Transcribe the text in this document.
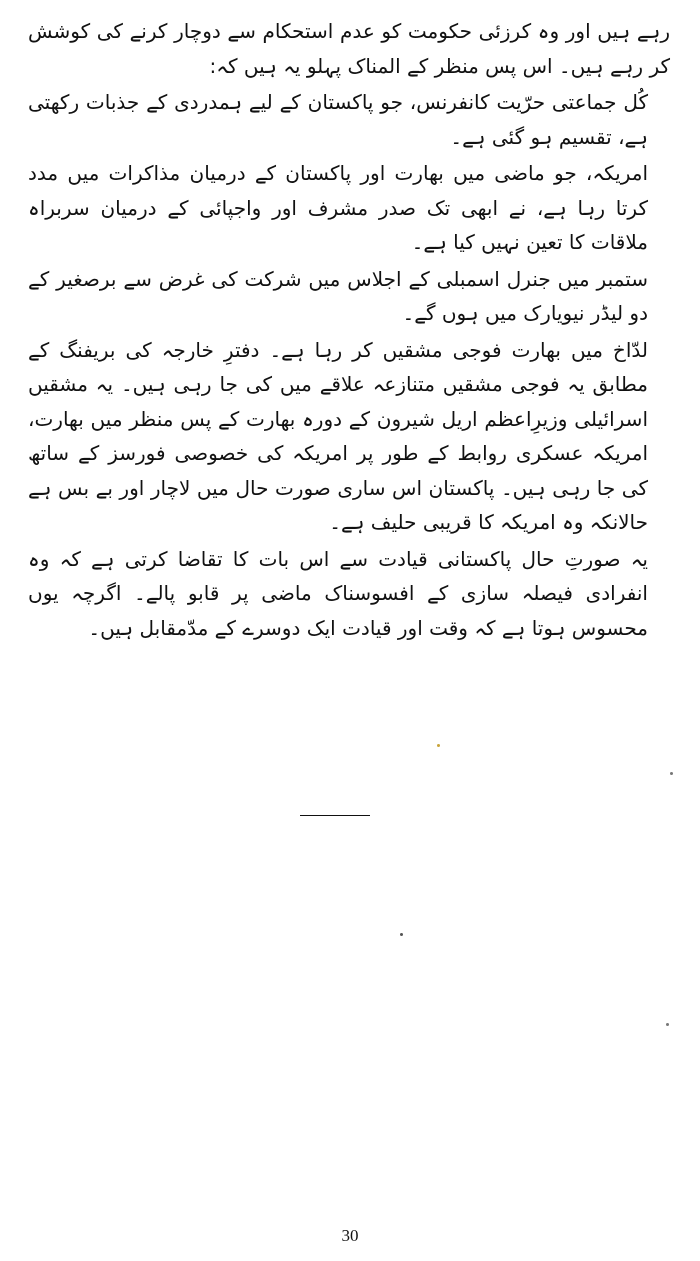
رہے ہیں اور وہ کرزئی حکومت کو عدم استحکام سے دوچار کرنے کی کوشش کر رہے ہیں۔ اس پس منظر کے المناک پہلو یہ ہیں کہ:

کُل جماعتی حرّیت کانفرنس، جو پاکستان کے لیے ہمدردی کے جذبات رکھتی ہے، تقسیم ہو گئی ہے۔

امریکہ، جو ماضی میں بھارت اور پاکستان کے درمیان مذاکرات میں مدد کرتا رہا ہے، نے ابھی تک صدر مشرف اور واجپائی کے درمیان سربراہ ملاقات کا تعین نہیں کیا ہے۔

ستمبر میں جنرل اسمبلی کے اجلاس میں شرکت کی غرض سے برصغیر کے دو لیڈر نیویارک میں ہوں گے۔

لدّاخ میں بھارت فوجی مشقیں کر رہا ہے۔ دفترِ خارجہ کی بریفنگ کے مطابق یہ فوجی مشقیں متنازعہ علاقے میں کی جا رہی ہیں۔ یہ مشقیں اسرائیلی وزیرِاعظم اریل شیرون کے دورہ بھارت کے پس منظر میں بھارت، امریکہ عسکری روابط کے طور پر امریکہ کی خصوصی فورسز کے ساتھ کی جا رہی ہیں۔ پاکستان اس ساری صورت حال میں لاچار اور بے بس ہے حالانکہ وہ امریکہ کا قریبی حلیف ہے۔

یہ صورتِ حال پاکستانی قیادت سے اس بات کا تقاضا کرتی ہے کہ وہ انفرادی فیصلہ سازی کے افسوسناک ماضی پر قابو پالے۔ اگرچہ یوں محسوس ہوتا ہے کہ وقت اور قیادت ایک دوسرے کے مدّمقابل ہیں۔

30
